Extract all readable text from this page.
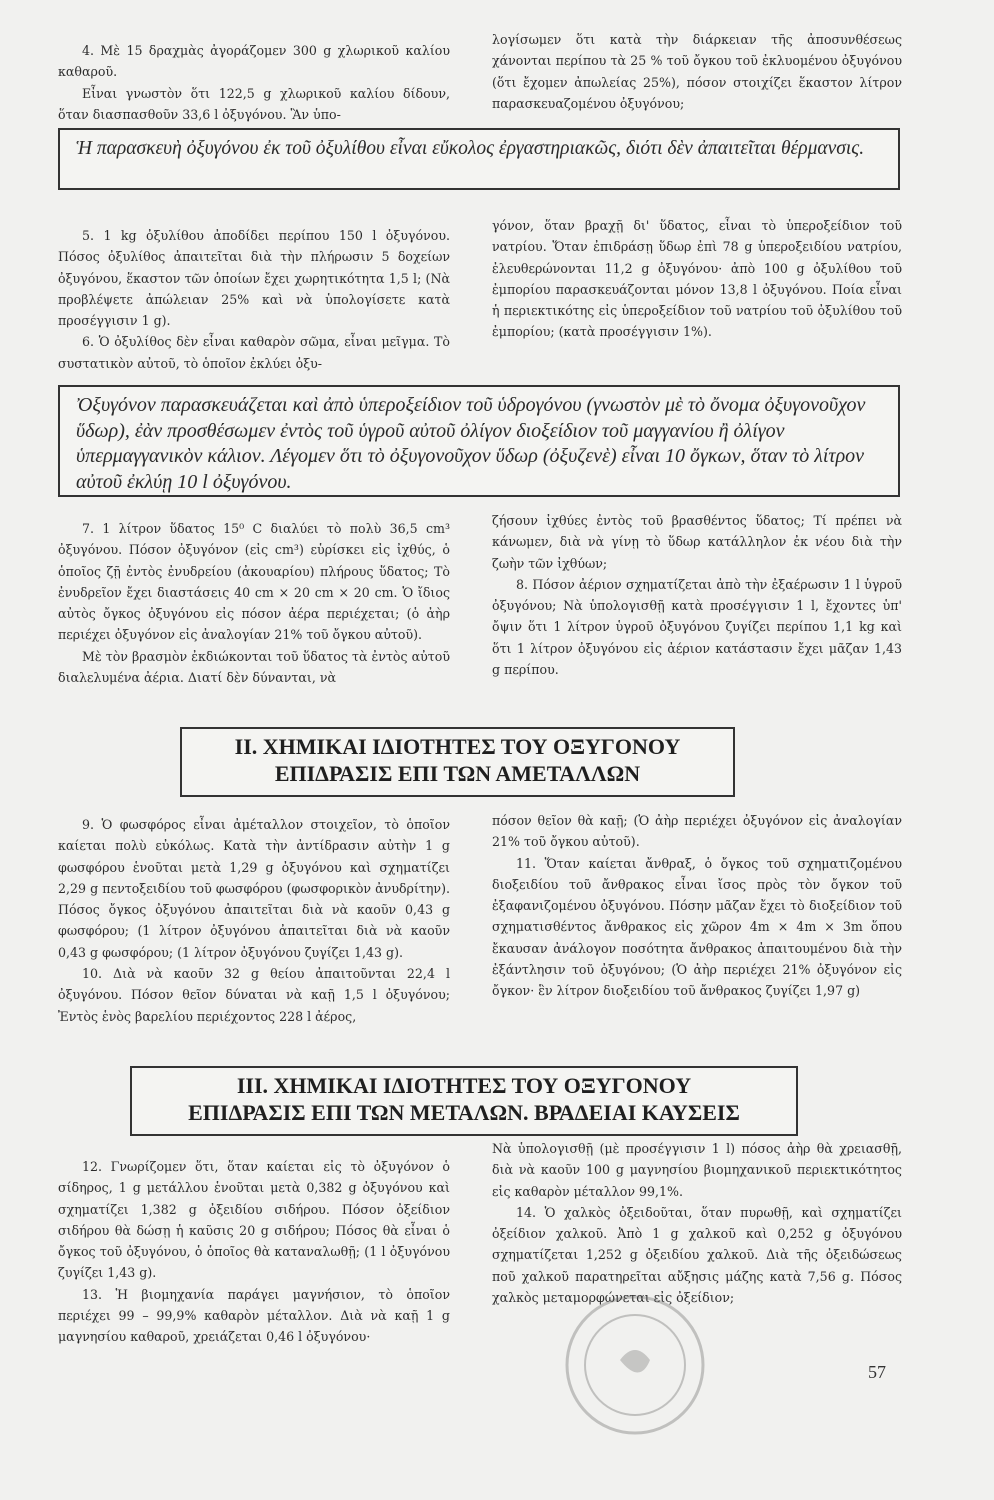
4. Μὲ 15 δραχμὰς ἀγοράζομεν 300 g χλωρικοῦ καλίου καθαροῦ.

Εἶναι γνωστὸν ὅτι 122,5 g χλωρικοῦ καλίου δίδουν, ὅταν διασπασθοῦν 33,6 l ὀξυγόνου. Ἂν ὑπο-

λογίσωμεν ὅτι κατὰ τὴν διάρκειαν τῆς ἀποσυνθέσεως χάνονται περίπου τὰ 25 % τοῦ ὄγκου τοῦ ἐκλυομένου ὀξυγόνου (ὅτι ἔχομεν ἀπωλείας 25%), πόσον στοιχίζει ἕκαστον λίτρον παρασκευαζομένου ὀξυγόνου;

Ἡ παρασκευὴ ὀξυγόνου ἐκ τοῦ ὀξυλίθου εἶναι εὔκολος ἐργαστηριακῶς, διότι δὲν ἀπαιτεῖται θέρμανσις.

5. 1 kg ὀξυλίθου ἀποδίδει περίπου 150 l ὀξυγόνου. Πόσος ὀξυλίθος ἀπαιτεῖται διὰ τὴν πλήρωσιν 5 δοχείων ὀξυγόνου, ἕκαστον τῶν ὁποίων ἔχει χωρητικότητα 1,5 l; (Νὰ προβλέψετε ἀπώλειαν 25% καὶ νὰ ὑπολογίσετε κατὰ προσέγγισιν 1 g).

6. Ὁ ὀξυλίθος δὲν εἶναι καθαρὸν σῶμα, εἶναι μεῖγμα. Τὸ συστατικὸν αὐτοῦ, τὸ ὁποῖον ἐκλύει ὀξυ-

γόνον, ὅταν βραχῇ δι' ὕδατος, εἶναι τὸ ὑπεροξείδιον τοῦ νατρίου. Ὅταν ἐπιδράσῃ ὕδωρ ἐπὶ 78 g ὑπεροξειδίου νατρίου, ἐλευθερώνονται 11,2 g ὀξυγόνου· ἀπὸ 100 g ὀξυλίθου τοῦ ἐμπορίου παρασκευάζονται μόνον 13,8 l ὀξυγόνου. Ποία εἶναι ἡ περιεκτικότης εἰς ὑπεροξείδιον τοῦ νατρίου τοῦ ὀξυλίθου τοῦ ἐμπορίου; (κατὰ προσέγγισιν 1%).

Ὀξυγόνον παρασκευάζεται καὶ ἀπὸ ὑπεροξείδιον τοῦ ὑδρογόνου (γνωστὸν μὲ τὸ ὄνομα ὀξυγονοῦχον ὕδωρ), ἐὰν προσθέσωμεν ἐντὸς τοῦ ὑγροῦ αὐτοῦ ὀλίγον διοξείδιον τοῦ μαγγανίου ἢ ὀλίγον ὑπερμαγγανικὸν κάλιον. Λέγομεν ὅτι τὸ ὀξυγονοῦχον ὕδωρ (ὀξυζενὲ) εἶναι 10 ὄγκων, ὅταν τὸ λίτρον αὐτοῦ ἐκλύῃ 10 l ὀξυγόνου.

7. 1 λίτρον ὕδατος 15⁰ C διαλύει τὸ πολὺ 36,5 cm³ ὀξυγόνου. Πόσον ὀξυγόνον (εἰς cm³) εὑρίσκει εἰς ἰχθύς, ὁ ὁποῖος ζῇ ἐντὸς ἐνυδρείου (ἀκουαρίου) πλήρους ὕδατος; Τὸ ἐνυδρεῖον ἔχει διαστάσεις 40 cm × 20 cm × 20 cm. Ὁ ἴδιος αὐτὸς ὄγκος ὀξυγόνου εἰς πόσον ἀέρα περιέχεται; (ὁ ἀὴρ περιέχει ὀξυγόνον εἰς ἀναλογίαν 21% τοῦ ὄγκου αὐτοῦ).

Μὲ τὸν βρασμὸν ἐκδιώκονται τοῦ ὕδατος τὰ ἐντὸς αὐτοῦ διαλελυμένα ἀέρια. Διατί δὲν δύνανται, νὰ

ζήσουν ἰχθύες ἐντὸς τοῦ βρασθέντος ὕδατος; Τί πρέπει νὰ κάνωμεν, διὰ νὰ γίνῃ τὸ ὕδωρ κατάλληλον ἐκ νέου διὰ τὴν ζωὴν τῶν ἰχθύων;

8. Πόσον ἀέριον σχηματίζεται ἀπὸ τὴν ἐξαέρωσιν 1 l ὑγροῦ ὀξυγόνου; Νὰ ὑπολογισθῇ κατὰ προσέγγισιν 1 l, ἔχοντες ὑπ' ὄψιν ὅτι 1 λίτρον ὑγροῦ ὀξυγόνου ζυγίζει περίπου 1,1 kg καὶ ὅτι 1 λίτρον ὀξυγόνου εἰς ἀέριον κατάστασιν ἔχει μᾶζαν 1,43 g περίπου.

II. ΧΗΜΙΚΑΙ ΙΔΙΟΤΗΤΕΣ ΤΟΥ ΟΞΥΓΟΝΟΥ
ΕΠΙΔΡΑΣΙΣ ΕΠΙ ΤΩΝ ΑΜΕΤΑΛΛΩΝ

9. Ὁ φωσφόρος εἶναι ἀμέταλλον στοιχεῖον, τὸ ὁποῖον καίεται πολὺ εὐκόλως. Κατὰ τὴν ἀντίδρασιν αὐτὴν 1 g φωσφόρου ἑνοῦται μετὰ 1,29 g ὀξυγόνου καὶ σχηματίζει 2,29 g πεντοξειδίου τοῦ φωσφόρου (φωσφορικὸν ἀνυδρίτην). Πόσος ὄγκος ὀξυγόνου ἀπαιτεῖται διὰ νὰ καοῦν 0,43 g φωσφόρου; (1 λίτρον ὀξυγόνου ἀπαιτεῖται διὰ νὰ καοῦν 0,43 g φωσφόρου; (1 λίτρον ὀξυγόνου ζυγίζει 1,43 g).

10. Διὰ νὰ καοῦν 32 g θείου ἀπαιτοῦνται 22,4 l ὀξυγόνου. Πόσον θεῖον δύναται νὰ καῇ 1,5 l ὀξυγόνου; Ἐντὸς ἑνὸς βαρελίου περιέχοντος 228 l ἀέρος,

πόσον θεῖον θὰ καῇ; (Ὁ ἀὴρ περιέχει ὀξυγόνον εἰς ἀναλογίαν 21% τοῦ ὄγκου αὐτοῦ).

11. Ὅταν καίεται ἄνθραξ, ὁ ὄγκος τοῦ σχηματιζομένου διοξειδίου τοῦ ἄνθρακος εἶναι ἴσος πρὸς τὸν ὄγκον τοῦ ἐξαφανιζομένου ὀξυγόνου. Πόσην μᾶζαν ἔχει τὸ διοξείδιον τοῦ σχηματισθέντος ἄνθρακος εἰς χῶρον 4m × 4m × 3m ὅπου ἔκαυσαν ἀνάλογον ποσότητα ἄνθρακος ἀπαιτουμένου διὰ τὴν ἐξάντλησιν τοῦ ὀξυγόνου; (Ὁ ἀὴρ περιέχει 21% ὀξυγόνον εἰς ὄγκον· ἓν λίτρον διοξειδίου τοῦ ἄνθρακος ζυγίζει 1,97 g)

III. ΧΗΜΙΚΑΙ ΙΔΙΟΤΗΤΕΣ ΤΟΥ ΟΞΥΓΟΝΟΥ
ΕΠΙΔΡΑΣΙΣ ΕΠΙ ΤΩΝ ΜΕΤΑΛΩΝ. ΒΡΑΔΕΙΑΙ ΚΑΥΣΕΙΣ

12. Γνωρίζομεν ὅτι, ὅταν καίεται εἰς τὸ ὀξυγόνον ὁ σίδηρος, 1 g μετάλλου ἑνοῦται μετὰ 0,382 g ὀξυγόνου καὶ σχηματίζει 1,382 g ὀξειδίου σιδήρου. Πόσον ὀξείδιον σιδήρου θὰ δώσῃ ἡ καῦσις 20 g σιδήρου; Πόσος θὰ εἶναι ὁ ὄγκος τοῦ ὀξυγόνου, ὁ ὁποῖος θὰ καταναλωθῇ; (1 l ὀξυγόνου ζυγίζει 1,43 g).

13. Ἡ βιομηχανία παράγει μαγνήσιον, τὸ ὁποῖον περιέχει 99 – 99,9% καθαρὸν μέταλλον. Διὰ νὰ καῇ 1 g μαγνησίου καθαροῦ, χρειάζεται 0,46 l ὀξυγόνου·

Νὰ ὑπολογισθῇ (μὲ προσέγγισιν 1 l) πόσος ἀὴρ θὰ χρειασθῇ, διὰ νὰ καοῦν 100 g μαγνησίου βιομηχανικοῦ περιεκτικότητος εἰς καθαρὸν μέταλλον 99,1%.

14. Ὁ χαλκὸς ὀξειδοῦται, ὅταν πυρωθῇ, καὶ σχηματίζει ὀξείδιον χαλκοῦ. Ἀπὸ 1 g χαλκοῦ καὶ 0,252 g ὀξυγόνου σχηματίζεται 1,252 g ὀξειδίου χαλκοῦ. Διὰ τῆς ὀξειδώσεως ποῦ χαλκοῦ παρατηρεῖται αὔξησις μάζης κατὰ 7,56 g. Πόσος χαλκὸς μεταμορφώνεται εἰς ὀξείδιον;

57
